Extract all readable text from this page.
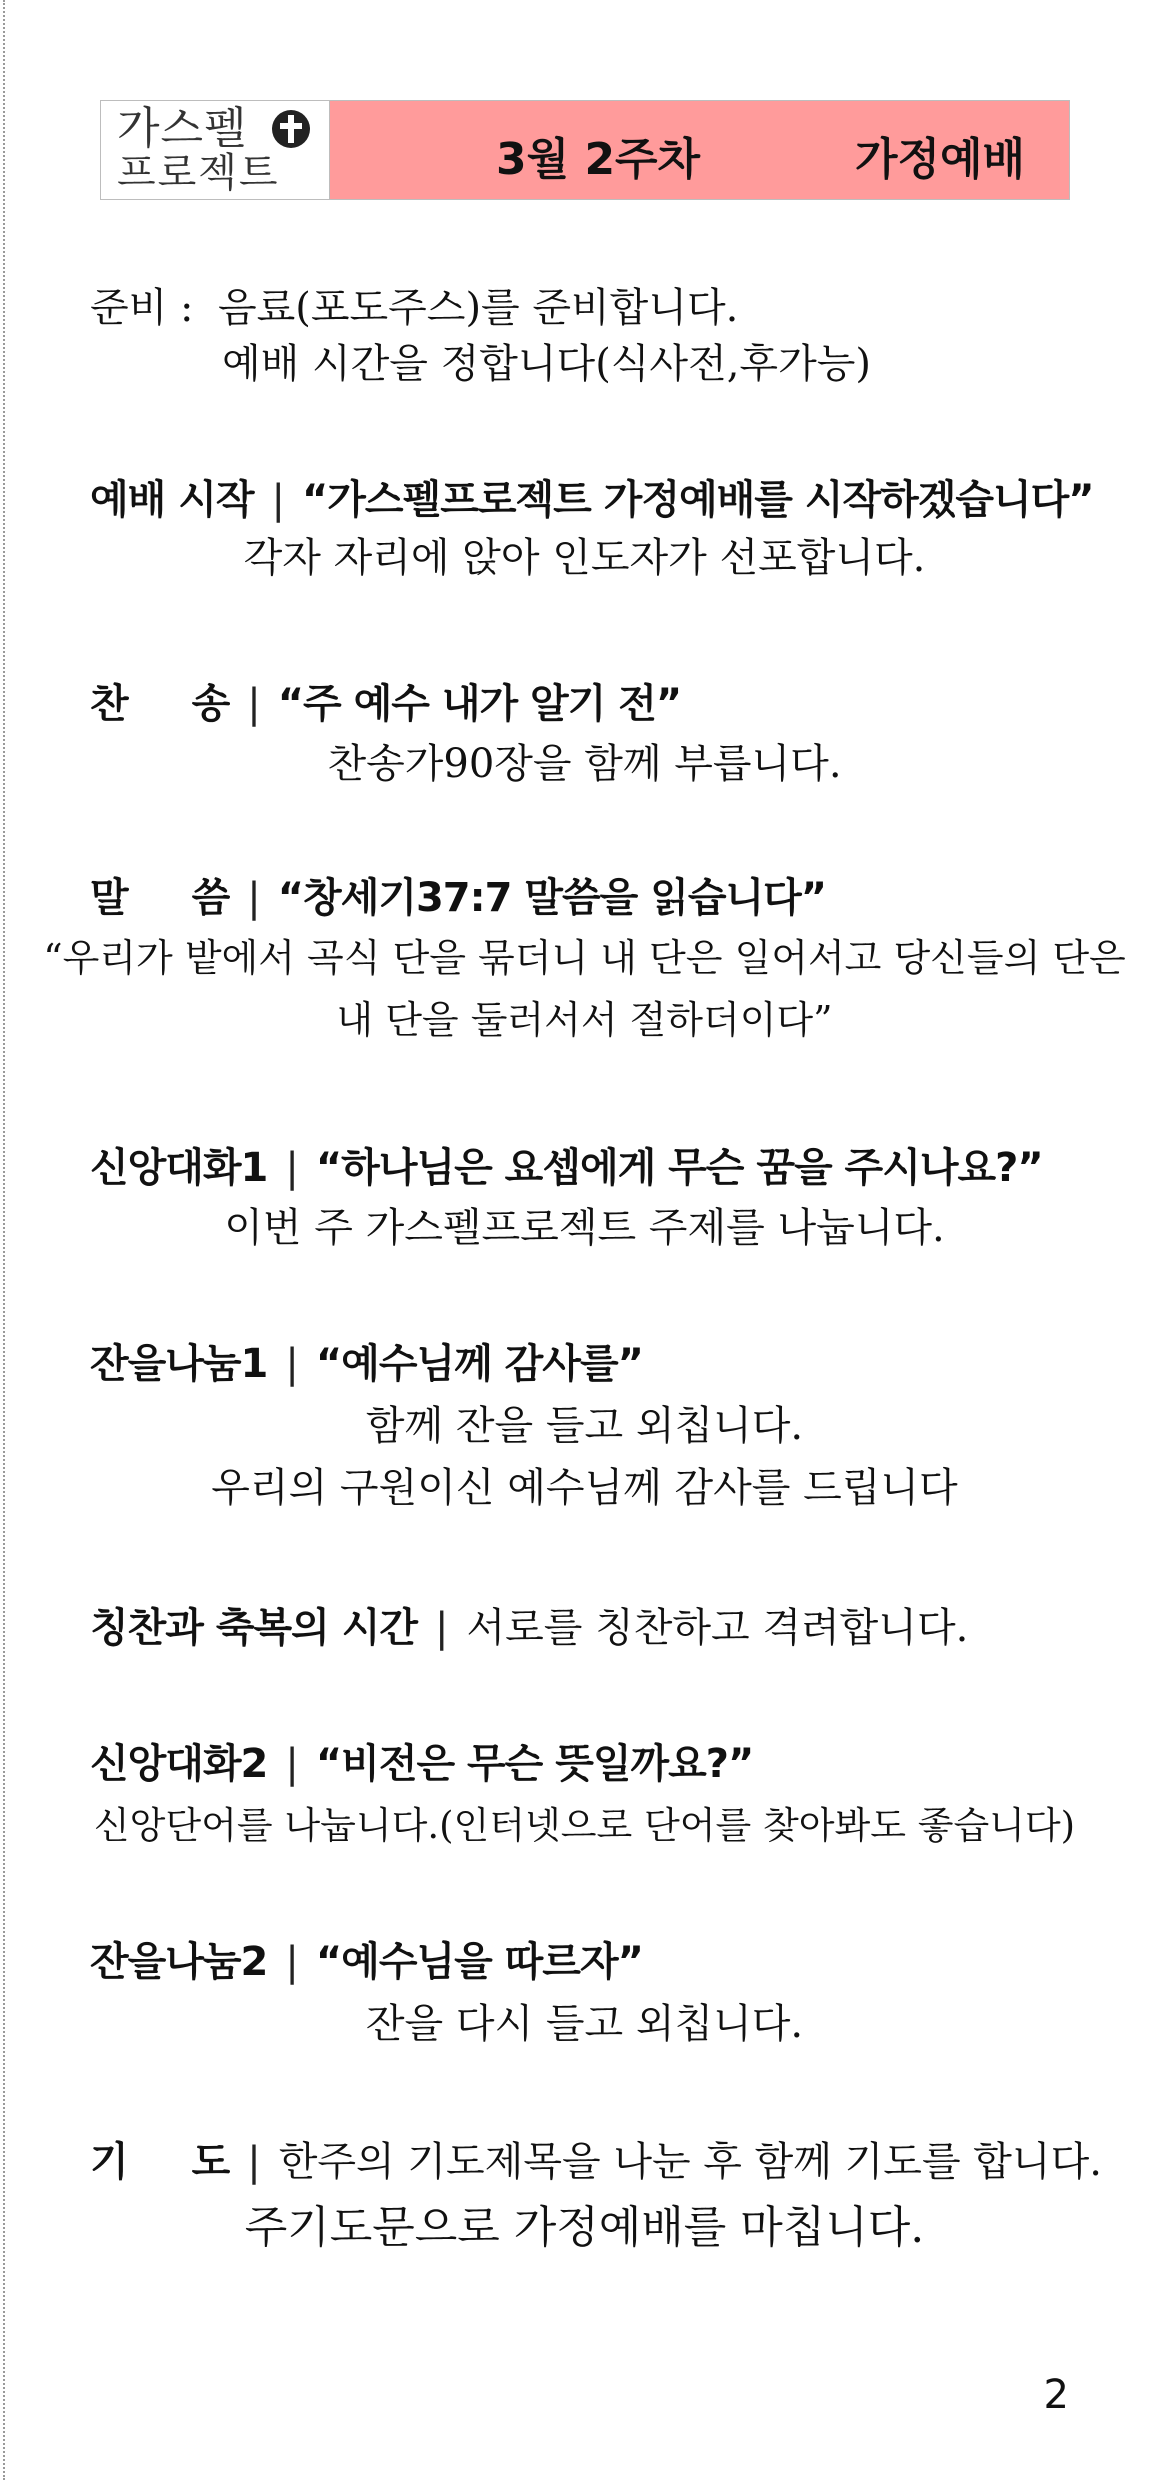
가스펠
프로젝트	3월 2주차	가정예배
준비 : 음료(포도주스)를 준비합니다.
예배 시간을 정합니다(식사전,후가능)
예배 시작 | “가스펠프로젝트 가정예배를 시작하겠습니다”
각자 자리에 앉아 인도자가 선포합니다.
찬 송 | “주 예수 내가 알기 전”
찬송가90장을 함께 부릅니다.
말 씀 | “창세기37:7 말씀을 읽습니다”
“우리가 밭에서 곡식 단을 묶더니 내 단은 일어서고 당신들의 단은
내 단을 둘러서서 절하더이다”
신앙대화1 | “하나님은 요셉에게 무슨 꿈을 주시나요?”
이번 주 가스펠프로젝트 주제를 나눕니다.
잔을나눔1 | “예수님께 감사를”
함께 잔을 들고 외칩니다.
우리의 구원이신 예수님께 감사를 드립니다
칭찬과 축복의 시간 | 서로를 칭찬하고 격려합니다.
신앙대화2 | “비전은 무슨 뜻일까요?”
신앙단어를 나눕니다.(인터넷으로 단어를 찾아봐도 좋습니다)
잔을나눔2 | “예수님을 따르자”
잔을 다시 들고 외칩니다.
기 도 | 한주의 기도제목을 나눈 후 함께 기도를 합니다.
주기도문으로 가정예배를 마칩니다.
2
